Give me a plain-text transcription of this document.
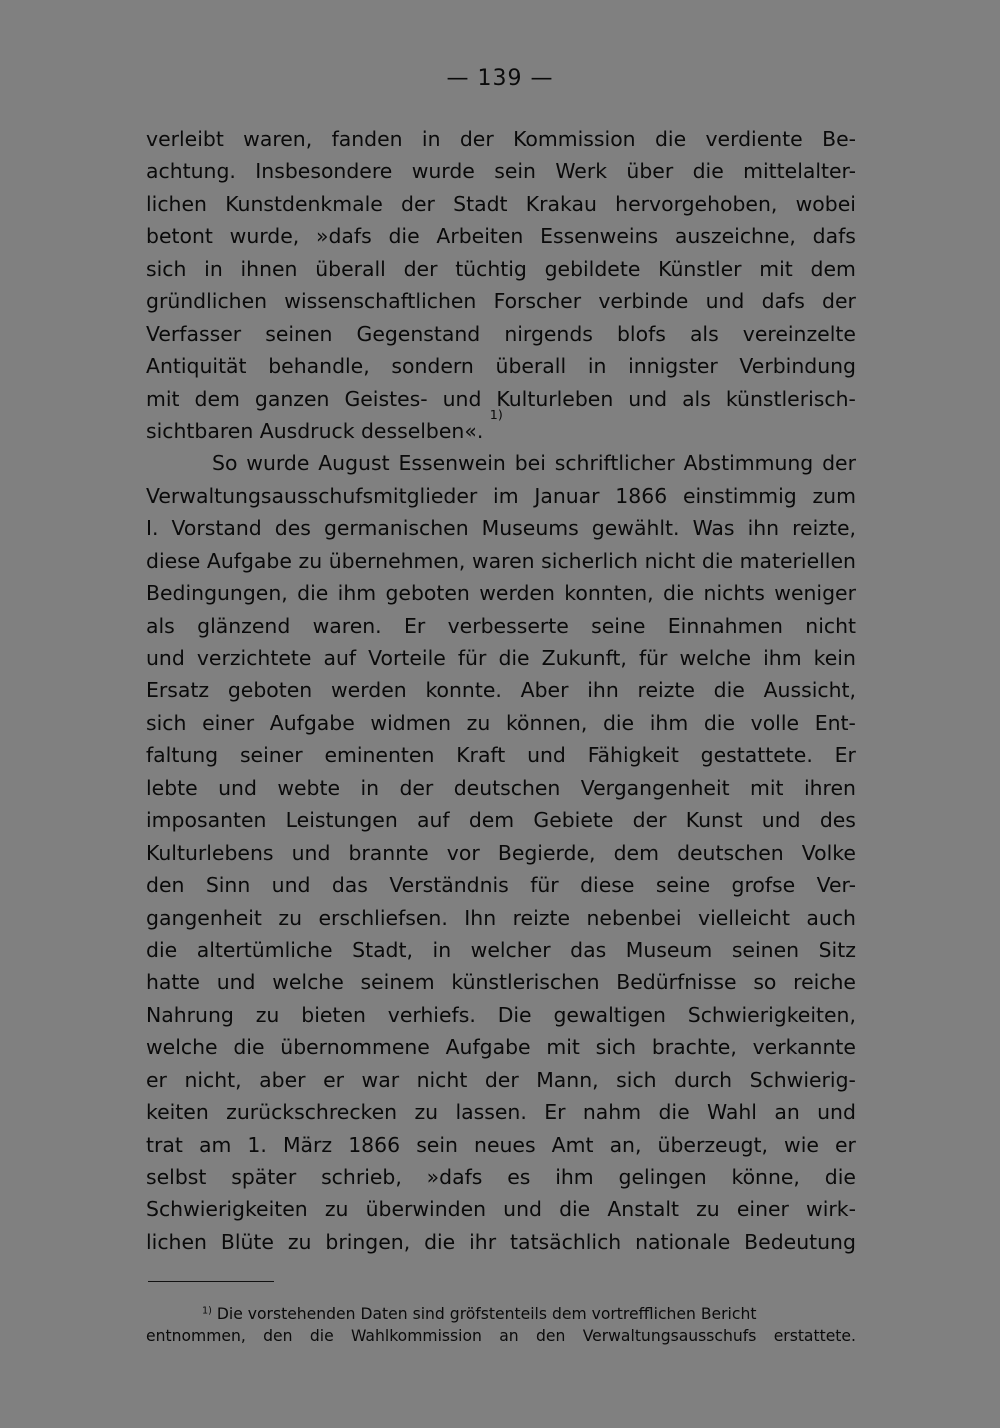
— 139 —
verleibt waren, fanden in der Kommission die verdiente Be-
achtung. Insbesondere wurde sein Werk über die mittelalter-
lichen Kunstdenkmale der Stadt Krakau hervorgehoben, wobei
betont wurde, »dafs die Arbeiten Essenweins auszeichne, dafs
sich in ihnen überall der tüchtig gebildete Künstler mit dem
gründlichen wissenschaftlichen Forscher verbinde und dafs der
Verfasser seinen Gegenstand nirgends blofs als vereinzelte
Antiquität behandle, sondern überall in innigster Verbindung
mit dem ganzen Geistes- und Kulturleben und als künstlerisch-
sichtbaren Ausdruck desselben«.

1)
So wurde August Essenwein bei schriftlicher Abstimmung der
Verwaltungsausschufsmitglieder im Januar 1866 einstimmig zum
I. Vorstand des germanischen Museums gewählt. Was ihn reizte,
diese Aufgabe zu übernehmen, waren sicherlich nicht die materiellen
Bedingungen, die ihm geboten werden konnten, die nichts weniger
als glänzend waren. Er verbesserte seine Einnahmen nicht
und verzichtete auf Vorteile für die Zukunft, für welche ihm kein
Ersatz geboten werden konnte. Aber ihn reizte die Aussicht,
sich einer Aufgabe widmen zu können, die ihm die volle Ent-
faltung seiner eminenten Kraft und Fähigkeit gestattete. Er
lebte und webte in der deutschen Vergangenheit mit ihren
imposanten Leistungen auf dem Gebiete der Kunst und des
Kulturlebens und brannte vor Begierde, dem deutschen Volke
den Sinn und das Verständnis für diese seine grofse Ver-
gangenheit zu erschliefsen. Ihn reizte nebenbei vielleicht auch
die altertümliche Stadt, in welcher das Museum seinen Sitz
hatte und welche seinem künstlerischen Bedürfnisse so reiche
Nahrung zu bieten verhiefs. Die gewaltigen Schwierigkeiten,
welche die übernommene Aufgabe mit sich brachte, verkannte
er nicht, aber er war nicht der Mann, sich durch Schwierig-
keiten zurückschrecken zu lassen. Er nahm die Wahl an und
trat am 1. März 1866 sein neues Amt an, überzeugt, wie er
selbst später schrieb, »dafs es ihm gelingen könne, die
Schwierigkeiten zu überwinden und die Anstalt zu einer wirk-
lichen Blüte zu bringen, die ihr tatsächlich nationale Bedeutung
$^{1)}$ Die vorstehenden Daten sind gröfstenteils dem vortrefflichen Bericht
entnommen, den die Wahlkommission an den Verwaltungsausschufs erstattete.
